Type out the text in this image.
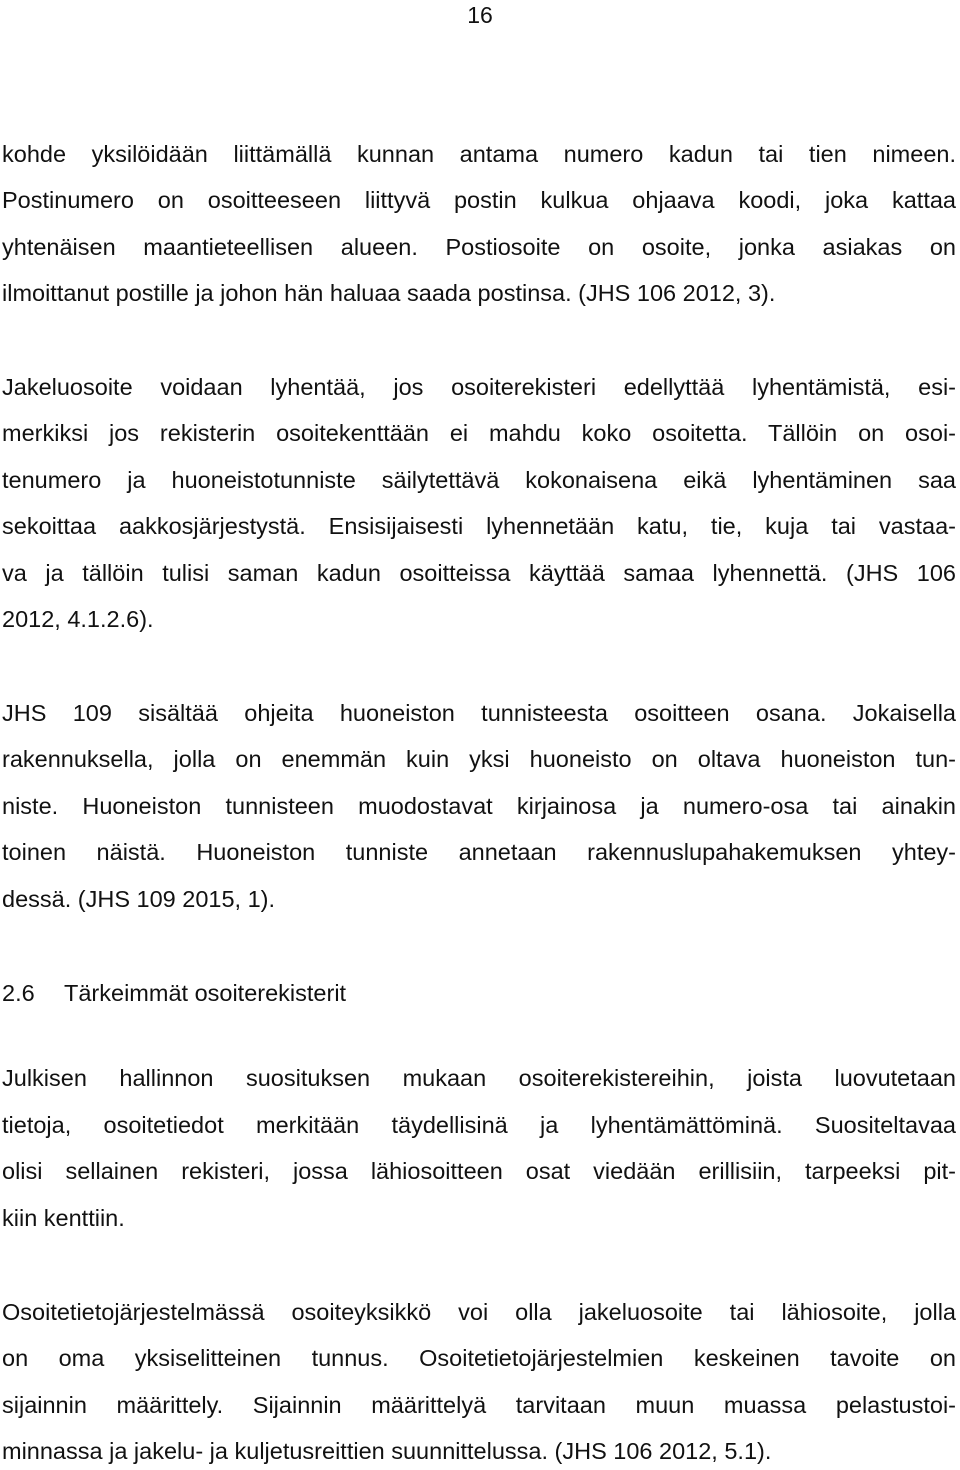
16
kohde yksilöidään liittämällä kunnan antama numero kadun tai tien nimeen.
Postinumero on osoitteeseen liittyvä postin kulkua ohjaava koodi, joka kattaa
yhtenäisen maantieteellisen alueen. Postiosoite on osoite, jonka asiakas on
ilmoittanut postille ja johon hän haluaa saada postinsa. (JHS 106 2012, 3).
Jakeluosoite voidaan lyhentää, jos osoiterekisteri edellyttää lyhentämistä, esi-
merkiksi jos rekisterin osoitekenttään ei mahdu koko osoitetta. Tällöin on osoi-
tenumero ja huoneistotunniste säilytettävä kokonaisena eikä lyhentäminen saa
sekoittaa aakkosjärjestystä. Ensisijaisesti lyhennetään katu, tie, kuja tai vastaa-
va ja tällöin tulisi saman kadun osoitteissa käyttää samaa lyhennettä. (JHS 106
2012, 4.1.2.6).
JHS 109 sisältää ohjeita huoneiston tunnisteesta osoitteen osana. Jokaisella
rakennuksella, jolla on enemmän kuin yksi huoneisto on oltava huoneiston tun-
niste. Huoneiston tunnisteen muodostavat kirjainosa ja numero-osa tai ainakin
toinen näistä. Huoneiston tunniste annetaan rakennuslupahakemuksen yhtey-
dessä. (JHS 109 2015, 1).
2.6 Tärkeimmät osoiterekisterit
Julkisen hallinnon suosituksen mukaan osoiterekistereihin, joista luovutetaan
tietoja, osoitetiedot merkitään täydellisinä ja lyhentämättöminä. Suositeltavaa
olisi sellainen rekisteri, jossa lähiosoitteen osat viedään erillisiin, tarpeeksi pit-
kiin kenttiin.
Osoitetietojärjestelmässä osoiteyksikkö voi olla jakeluosoite tai lähiosoite, jolla
on oma yksiselitteinen tunnus. Osoitetietojärjestelmien keskeinen tavoite on
sijainnin määrittely. Sijainnin määrittelyä tarvitaan muun muassa pelastustoi-
minnassa ja jakelu- ja kuljetusreittien suunnittelussa. (JHS 106 2012, 5.1).
